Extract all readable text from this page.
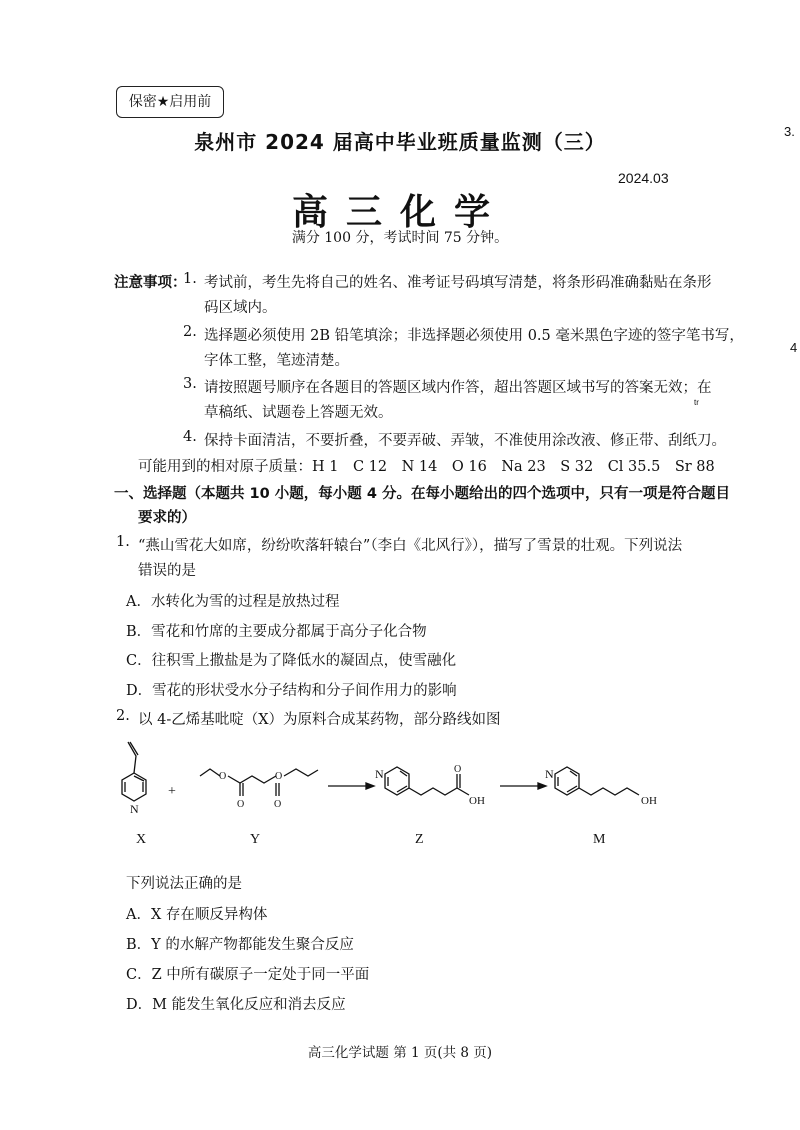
保密★启用前
泉州市 2024 届高中毕业班质量监测（三）
2024.03
高三化学
满分 100 分，考试时间 75 分钟。
3.
4
tr
注意事项：
1. 考试前，考生先将自己的姓名、准考证号码填写清楚，将条形码准确黏贴在条形
码区域内。
2. 选择题必须使用 2B 铅笔填涂；非选择题必须使用 0.5 毫米黑色字迹的签字笔书写，
字体工整，笔迹清楚。
3. 请按照题号顺序在各题目的答题区域内作答，超出答题区域书写的答案无效；在
草稿纸、试题卷上答题无效。
4. 保持卡面清洁，不要折叠，不要弄破、弄皱，不准使用涂改液、修正带、刮纸刀。
可能用到的相对原子质量：H 1　C 12　N 14　O 16　Na 23　S 32　Cl 35.5　Sr 88
一、选择题（本题共 10 小题，每小题 4 分。在每小题给出的四个选项中，只有一项是符合题目
要求的）
1. “燕山雪花大如席，纷纷吹落轩辕台”（李白《北风行》），描写了雪景的壮观。下列说法
错误的是
A．水转化为雪的过程是放热过程
B．雪花和竹席的主要成分都属于高分子化合物
C．往积雪上撒盐是为了降低水的凝固点，使雪融化
D．雪花的形状受水分子结构和分子间作用力的影响
2. 以 4-乙烯基吡啶（X）为原料合成某药物，部分路线如图
N
+
O	O
O	O
N	O
OH
N
OH
X	Y	Z	M
下列说法正确的是
A．X 存在顺反异构体
B．Y 的水解产物都能发生聚合反应
C．Z 中所有碳原子一定处于同一平面
D．M 能发生氧化反应和消去反应
高三化学试题 第 1 页(共 8 页)
